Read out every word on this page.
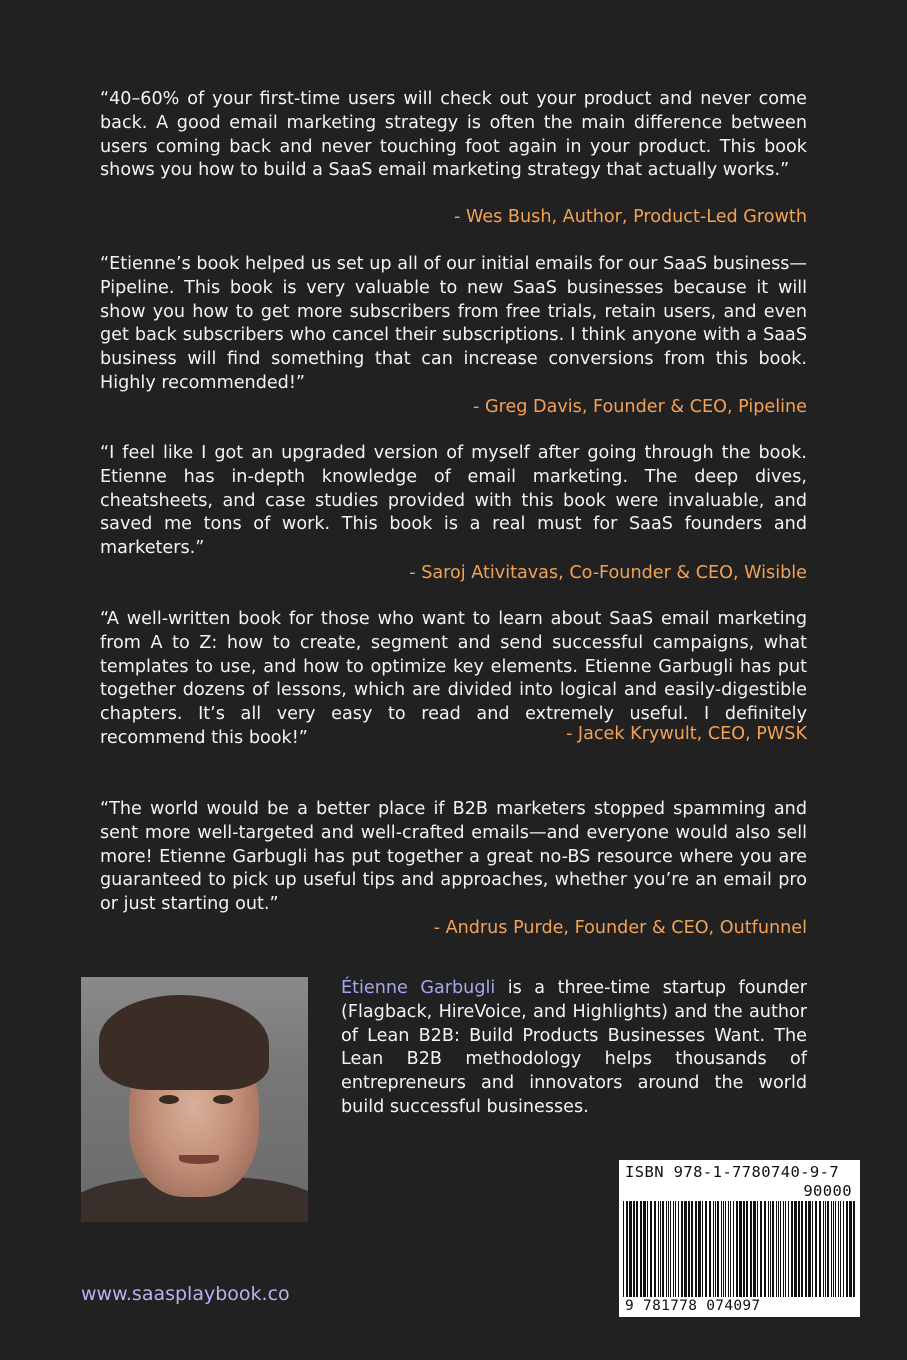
“40–60% of your first-time users will check out your product and never come back. A good email marketing strategy is often the main difference between users coming back and never touching foot again in your product. This book shows you how to build a SaaS email marketing strategy that actually works.”
- Wes Bush, Author, Product-Led Growth
“Etienne’s book helped us set up all of our initial emails for our SaaS business—Pipeline. This book is very valuable to new SaaS businesses because it will show you how to get more subscribers from free trials, retain users, and even get back subscribers who cancel their subscriptions. I think anyone with a SaaS business will find something that can increase conversions from this book. Highly recommended!”
- Greg Davis, Founder & CEO, Pipeline
“I feel like I got an upgraded version of myself after going through the book. Etienne has in-depth knowledge of email marketing. The deep dives, cheatsheets, and case studies provided with this book were invaluable, and saved me tons of work. This book is a real must for SaaS founders and marketers.”
- Saroj Ativitavas, Co-Founder & CEO, Wisible
“A well-written book for those who want to learn about SaaS email marketing from A to Z: how to create, segment and send successful campaigns, what templates to use, and how to optimize key elements. Etienne Garbugli has put together dozens of lessons, which are divided into logical and easily-digestible chapters. It’s all very easy to read and extremely useful. I definitely recommend this book!”	- Jacek Krywult, CEO, PWSK
“The world would be a better place if B2B marketers stopped spamming and sent more well-targeted and well-crafted emails—and everyone would also sell more! Etienne Garbugli has put together a great no-BS resource where you are guaranteed to pick up useful tips and approaches, whether you’re an email pro or just starting out.”
- Andrus Purde, Founder & CEO, Outfunnel
Étienne Garbugli is a three-time startup founder (Flagback, HireVoice, and Highlights) and the author of Lean B2B: Build Products Businesses Want. The Lean B2B methodology helps thousands of entrepreneurs and innovators around the world build successful businesses.
www.saasplaybook.co
ISBN 978-1-7780740-9-7
90000
9 781778 074097
